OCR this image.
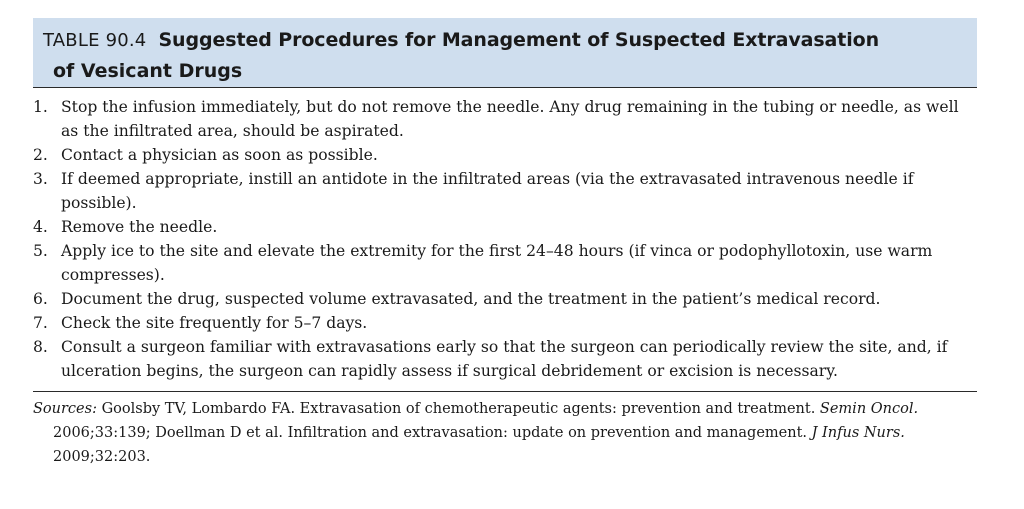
TABLE 90.4 Suggested Procedures for Management of Suspected Extravasation
of Vesicant Drugs
1. Stop the infusion immediately, but do not remove the needle. Any drug remaining in the tubing or needle, as well as the infiltrated area, should be aspirated.
2. Contact a physician as soon as possible.
3. If deemed appropriate, instill an antidote in the infiltrated areas (via the extravasated intravenous needle if possible).
4. Remove the needle.
5. Apply ice to the site and elevate the extremity for the first 24–48 hours (if vinca or podophyllotoxin, use warm compresses).
6. Document the drug, suspected volume extravasated, and the treatment in the patient’s medical record.
7. Check the site frequently for 5–7 days.
8. Consult a surgeon familiar with extravasations early so that the surgeon can periodically review the site, and, if ulceration begins, the surgeon can rapidly assess if surgical debridement or excision is necessary.
Sources: Goolsby TV, Lombardo FA. Extravasation of chemotherapeutic agents: prevention and treatment. Semin Oncol. 2006;33:139; Doellman D et al. Infiltration and extravasation: update on prevention and management. J Infus Nurs. 2009;32:203.
